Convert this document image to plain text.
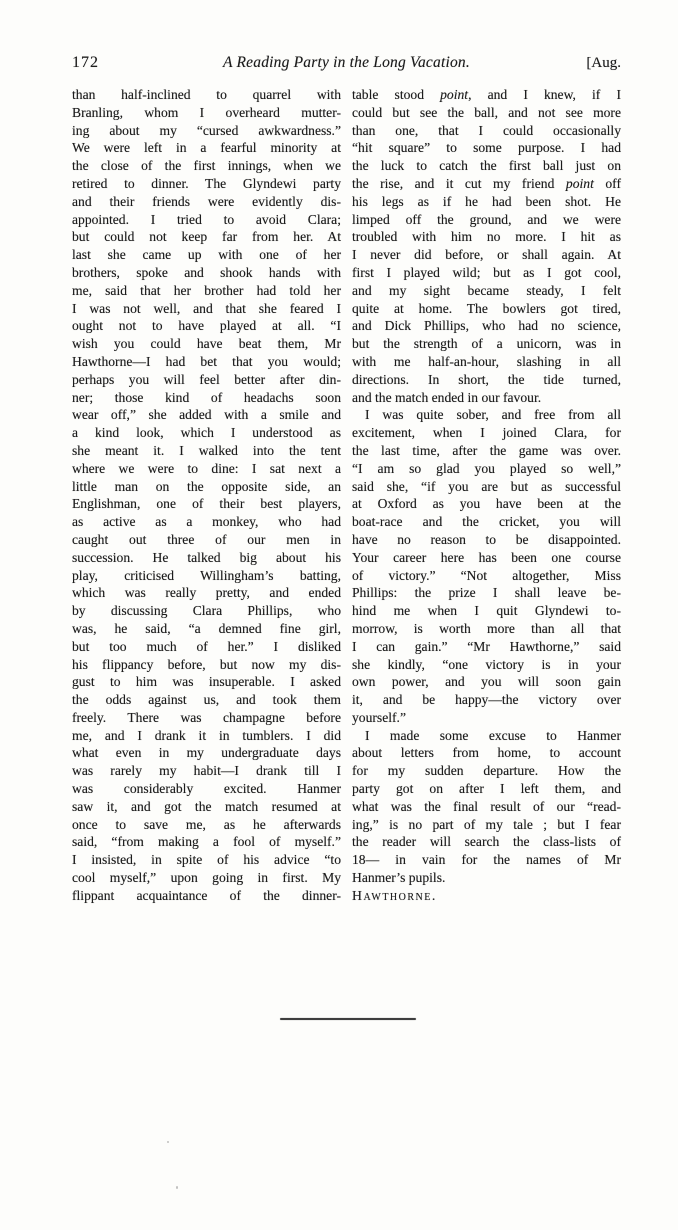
172	A Reading Party in the Long Vacation.	[Aug.
than half-inclined to quarrel with
Branling, whom I overheard mutter-
ing about my “cursed awkwardness.”
We were left in a fearful minority at
the close of the first innings, when we
retired to dinner. The Glyndewi party
and their friends were evidently dis-
appointed. I tried to avoid Clara;
but could not keep far from her. At
last she came up with one of her
brothers, spoke and shook hands with
me, said that her brother had told her
I was not well, and that she feared I
ought not to have played at all. “I
wish you could have beat them, Mr
Hawthorne—I had bet that you would;
perhaps you will feel better after din-
ner; those kind of headachs soon
wear off,” she added with a smile and
a kind look, which I understood as
she meant it. I walked into the tent
where we were to dine: I sat next a
little man on the opposite side, an
Englishman, one of their best players,
as active as a monkey, who had
caught out three of our men in
succession. He talked big about his
play, criticised Willingham’s batting,
which was really pretty, and ended
by discussing Clara Phillips, who
was, he said, “a demned fine girl,
but too much of her.” I disliked
his flippancy before, but now my dis-
gust to him was insuperable. I asked
the odds against us, and took them
freely. There was champagne before
me, and I drank it in tumblers. I did
what even in my undergraduate days
was rarely my habit—I drank till I
was considerably excited. Hanmer
saw it, and got the match resumed at
once to save me, as he afterwards
said, “from making a fool of myself.”
I insisted, in spite of his advice “to
cool myself,” upon going in first. My
flippant acquaintance of the dinner-
table stood point, and I knew, if I
could but see the ball, and not see more
than one, that I could occasionally
“hit square” to some purpose. I had
the luck to catch the first ball just on
the rise, and it cut my friend point off
his legs as if he had been shot. He
limped off the ground, and we were
troubled with him no more. I hit as
I never did before, or shall again. At
first I played wild; but as I got cool,
and my sight became steady, I felt
quite at home. The bowlers got tired,
and Dick Phillips, who had no science,
but the strength of a unicorn, was in
with me half-an-hour, slashing in all
directions. In short, the tide turned,
and the match ended in our favour.
I was quite sober, and free from all
excitement, when I joined Clara, for
the last time, after the game was over.
“I am so glad you played so well,”
said she, “if you are but as successful
at Oxford as you have been at the
boat-race and the cricket, you will
have no reason to be disappointed.
Your career here has been one course
of victory.” “Not altogether, Miss
Phillips: the prize I shall leave be-
hind me when I quit Glyndewi to-
morrow, is worth more than all that
I can gain.” “Mr Hawthorne,” said
she kindly, “one victory is in your
own power, and you will soon gain
it, and be happy—the victory over
yourself.”
I made some excuse to Hanmer
about letters from home, to account
for my sudden departure. How the
party got on after I left them, and
what was the final result of our “read-
ing,” is no part of my tale ; but I fear
the reader will search the class-lists of
18— in vain for the names of Mr
Hanmer’s pupils.
Hawthorne.
